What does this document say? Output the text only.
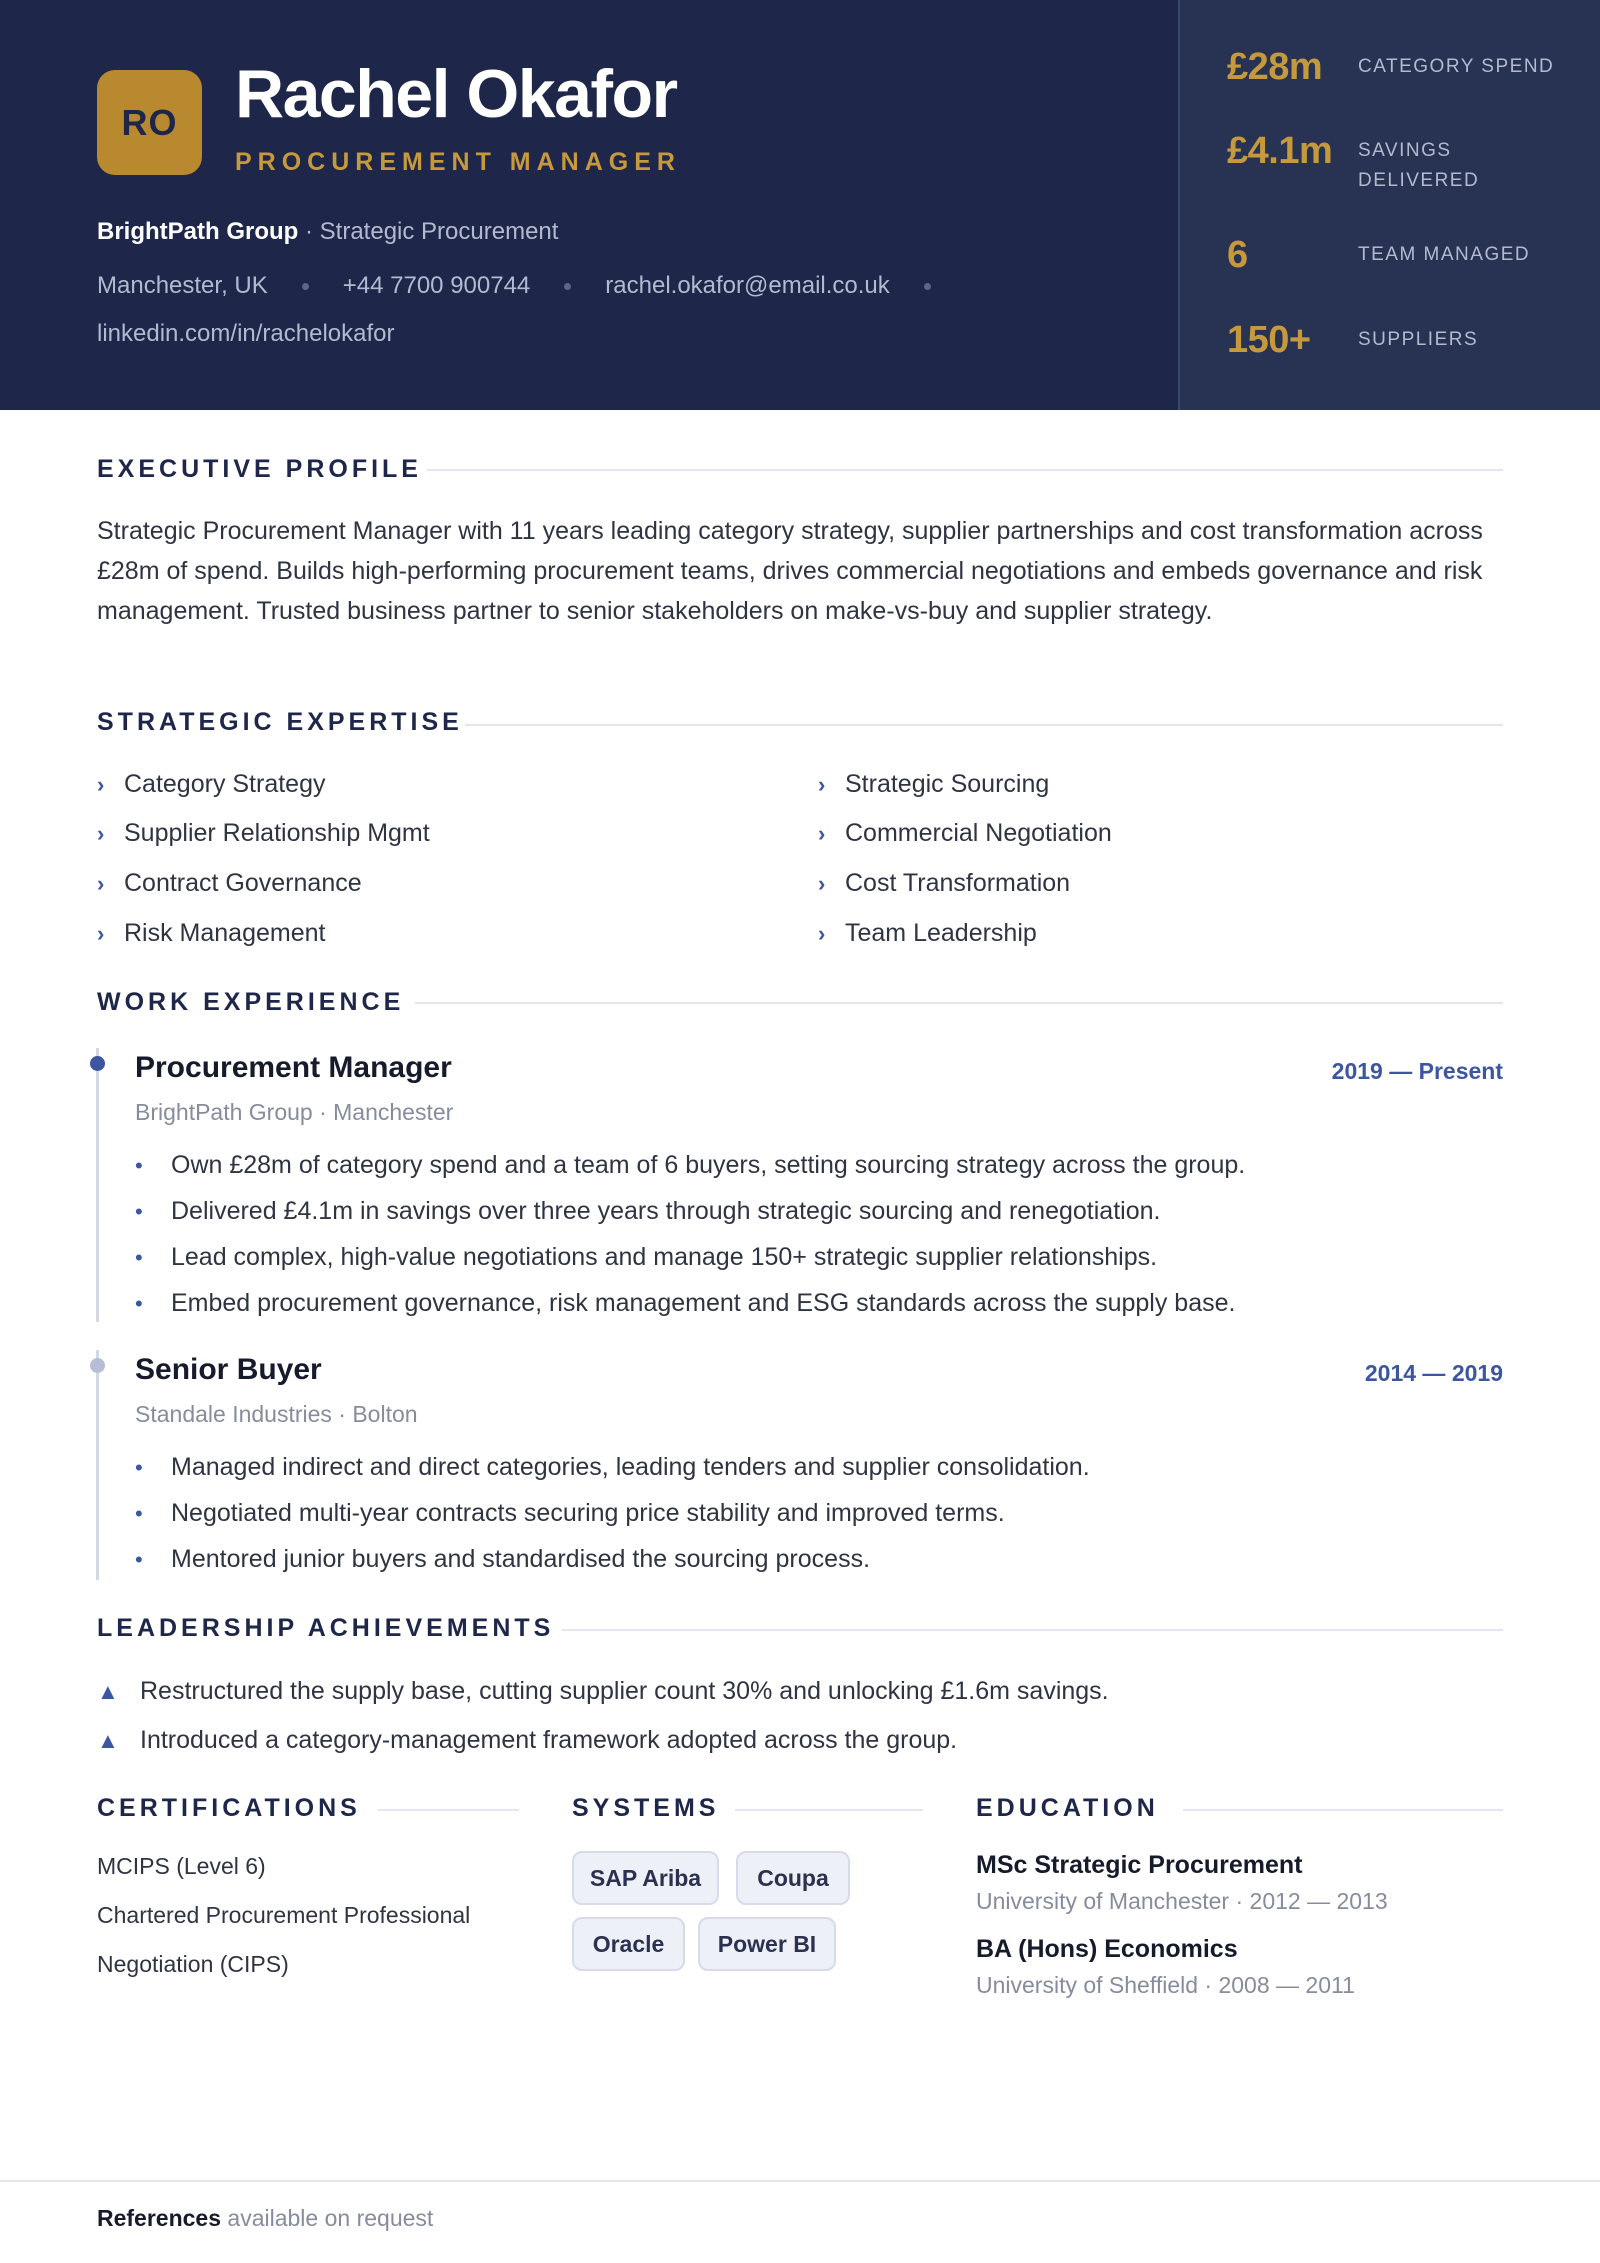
RO Rachel Okafor
PROCUREMENT MANAGER
BrightPath Group · Strategic Procurement
Manchester, UK	+44 7700 900744	rachel.okafor@email.co.uk
linkedin.com/in/rachelokafor
£28m	CATEGORY SPEND
£4.1m	SAVINGS DELIVERED
6	TEAM MANAGED
150+	SUPPLIERS
EXECUTIVE PROFILE
Strategic Procurement Manager with 11 years leading category strategy, supplier partnerships and cost transformation across £28m of spend. Builds high-performing procurement teams, drives commercial negotiations and embeds governance and risk management. Trusted business partner to senior stakeholders on make-vs-buy and supplier strategy.
STRATEGIC EXPERTISE
› Category Strategy	› Strategic Sourcing
› Supplier Relationship Mgmt	› Commercial Negotiation
› Contract Governance	› Cost Transformation
› Risk Management	› Team Leadership
WORK EXPERIENCE
Procurement Manager	2019 — Present
BrightPath Group · Manchester
• Own £28m of category spend and a team of 6 buyers, setting sourcing strategy across the group.
• Delivered £4.1m in savings over three years through strategic sourcing and renegotiation.
• Lead complex, high-value negotiations and manage 150+ strategic supplier relationships.
• Embed procurement governance, risk management and ESG standards across the supply base.
Senior Buyer	2014 — 2019
Standale Industries · Bolton
• Managed indirect and direct categories, leading tenders and supplier consolidation.
• Negotiated multi-year contracts securing price stability and improved terms.
• Mentored junior buyers and standardised the sourcing process.
LEADERSHIP ACHIEVEMENTS
▲ Restructured the supply base, cutting supplier count 30% and unlocking £1.6m savings.
▲ Introduced a category-management framework adopted across the group.
CERTIFICATIONS
MCIPS (Level 6)
Chartered Procurement Professional
Negotiation (CIPS)
SYSTEMS
SAP Ariba	Coupa
Oracle	Power BI
EDUCATION
MSc Strategic Procurement
University of Manchester · 2012 — 2013
BA (Hons) Economics
University of Sheffield · 2008 — 2011
References available on request
